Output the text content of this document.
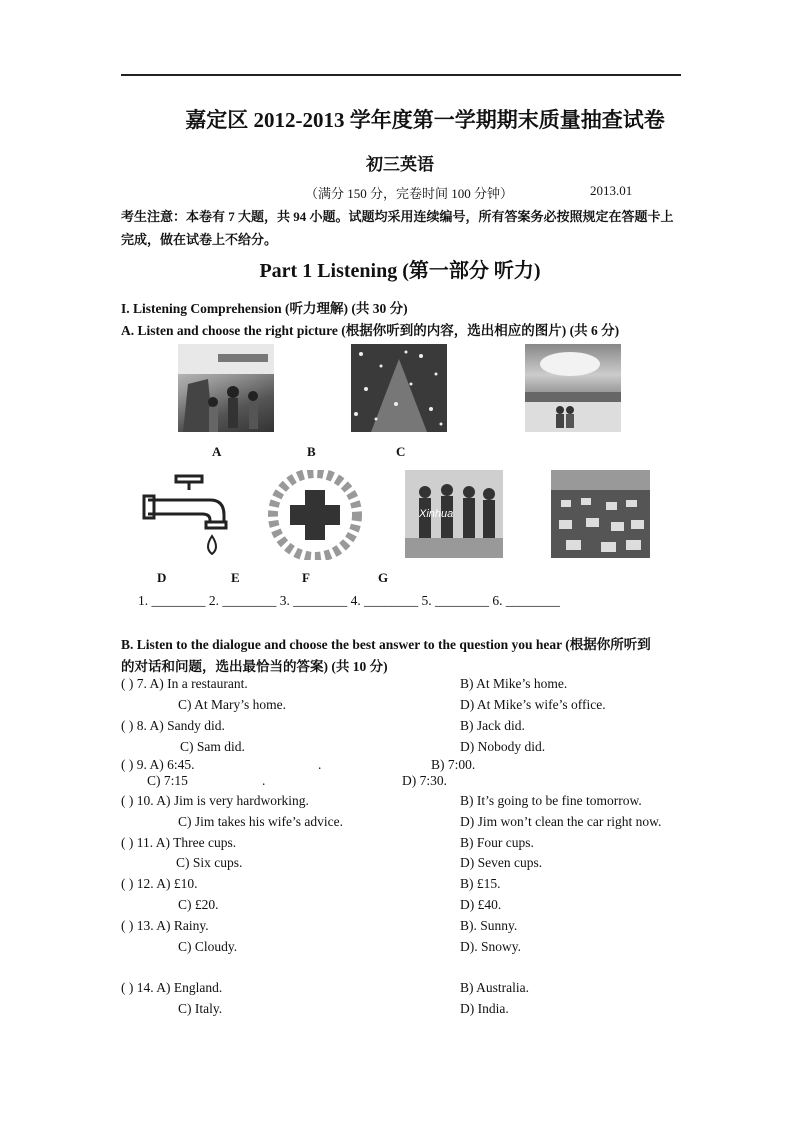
嘉定区 2012-2013 学年度第一学期期末质量抽查试卷
初三英语
（满分 150 分，完卷时间 100 分钟）	2013.01
考生注意：本卷有 7 大题，共 94 小题。试题均采用连续编号，所有答案务必按照规定在答题卡上完成，做在试卷上不给分。
Part 1 Listening (第一部分 听力)
I. Listening Comprehension (听力理解) (共 30 分)
A. Listen and choose the right picture (根据你听到的内容，选出相应的图片) (共 6 分)
A	B	C
Xinhua
D	E	F	G
1. ________ 2. ________ 3. ________ 4. ________ 5. ________ 6. ________
B. Listen to the dialogue and choose the best answer to the question you hear (根据你所听到
的对话和问题，选出最恰当的答案) (共 10 分)
( ) 7. A) In a restaurant.	B) At Mike’s home.
C) At Mary’s home.	D) At Mike’s wife’s office.
( ) 8. A) Sandy did.	B) Jack did.
C) Sam did.	D) Nobody did.
( ) 9. A) 6:45.	.	B) 7:00.
C) 7:15	.	D) 7:30.
( ) 10. A) Jim is very hardworking.	B) It’s going to be fine tomorrow.
C) Jim takes his wife’s advice.	D) Jim won’t clean the car right now.
( ) 11. A) Three cups.	B) Four cups.
C) Six cups.	D) Seven cups.
( ) 12. A) £10.	B) £15.
C) £20.	D) £40.
( ) 13. A) Rainy.	B). Sunny.
C) Cloudy.	D). Snowy.
( ) 14. A) England.	B) Australia.
C) Italy.	D) India.
